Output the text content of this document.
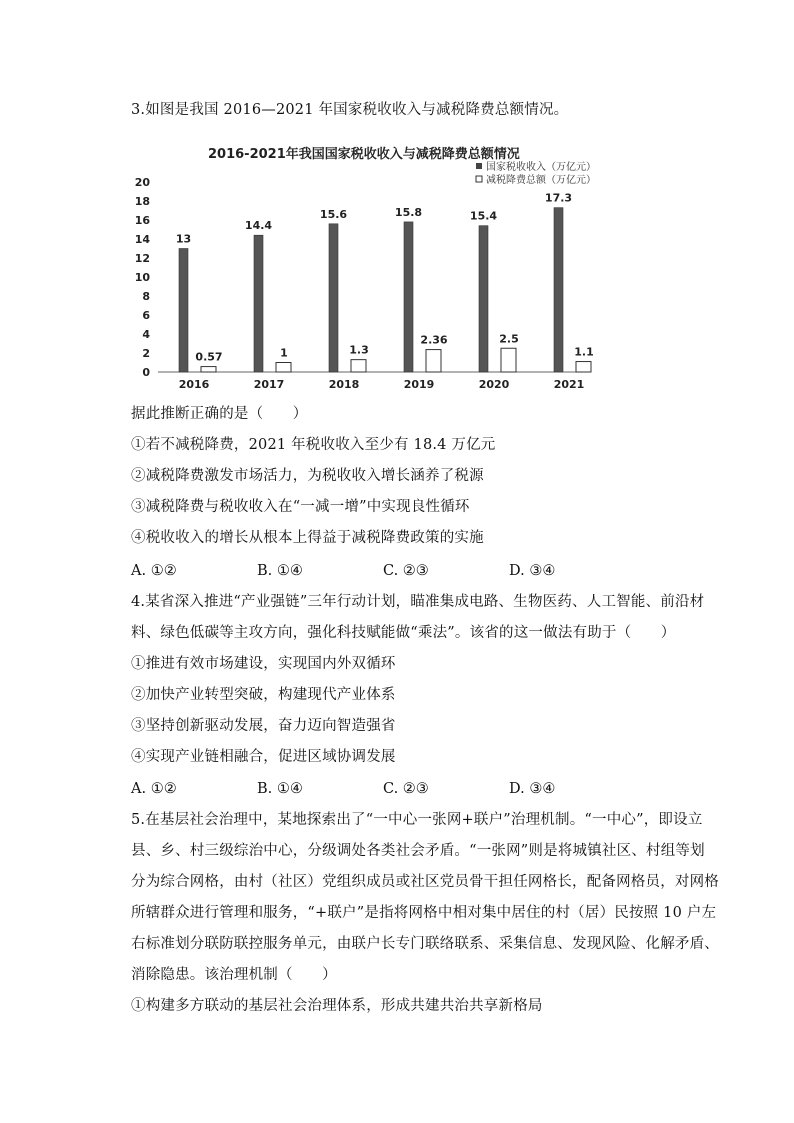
3.如图是我国 2016—2021 年国家税收收入与减税降费总额情况。
2016-2021年我国国家税收收入与减税降费总额情况
国家税收收入（万亿元）
减税降费总额（万亿元）
20
18
16
14
12
10
8
6
4
2
0
13
0.57
14.4
1
15.6
1.3
15.8
2.36
15.4
2.5
17.3
1.1
2016	2017	2018	2019	2020	2021
据此推断正确的是（　　）
①若不减税降费，2021 年税收收入至少有 18.4 万亿元
②减税降费激发市场活力，为税收收入增长涵养了税源
③减税降费与税收收入在“一减一增”中实现良性循环
④税收收入的增长从根本上得益于减税降费政策的实施
A. ①②	B. ①④	C. ②③	D. ③④
4.某省深入推进“产业强链”三年行动计划，瞄准集成电路、生物医药、人工智能、前沿材
料、绿色低碳等主攻方向，强化科技赋能做“乘法”。该省的这一做法有助于（　　）
①推进有效市场建设，实现国内外双循环
②加快产业转型突破，构建现代产业体系
③坚持创新驱动发展，奋力迈向智造强省
④实现产业链相融合，促进区域协调发展
A. ①②	B. ①④	C. ②③	D. ③④
5.在基层社会治理中，某地探索出了“一中心一张网+联户”治理机制。“一中心”，即设立
县、乡、村三级综治中心，分级调处各类社会矛盾。“一张网”则是将城镇社区、村组等划
分为综合网格，由村（社区）党组织成员或社区党员骨干担任网格长，配备网格员，对网格
所辖群众进行管理和服务，“+联户”是指将网格中相对集中居住的村（居）民按照 10 户左
右标准划分联防联控服务单元，由联户长专门联络联系、采集信息、发现风险、化解矛盾、
消除隐患。该治理机制（　　）
①构建多方联动的基层社会治理体系，形成共建共治共享新格局
